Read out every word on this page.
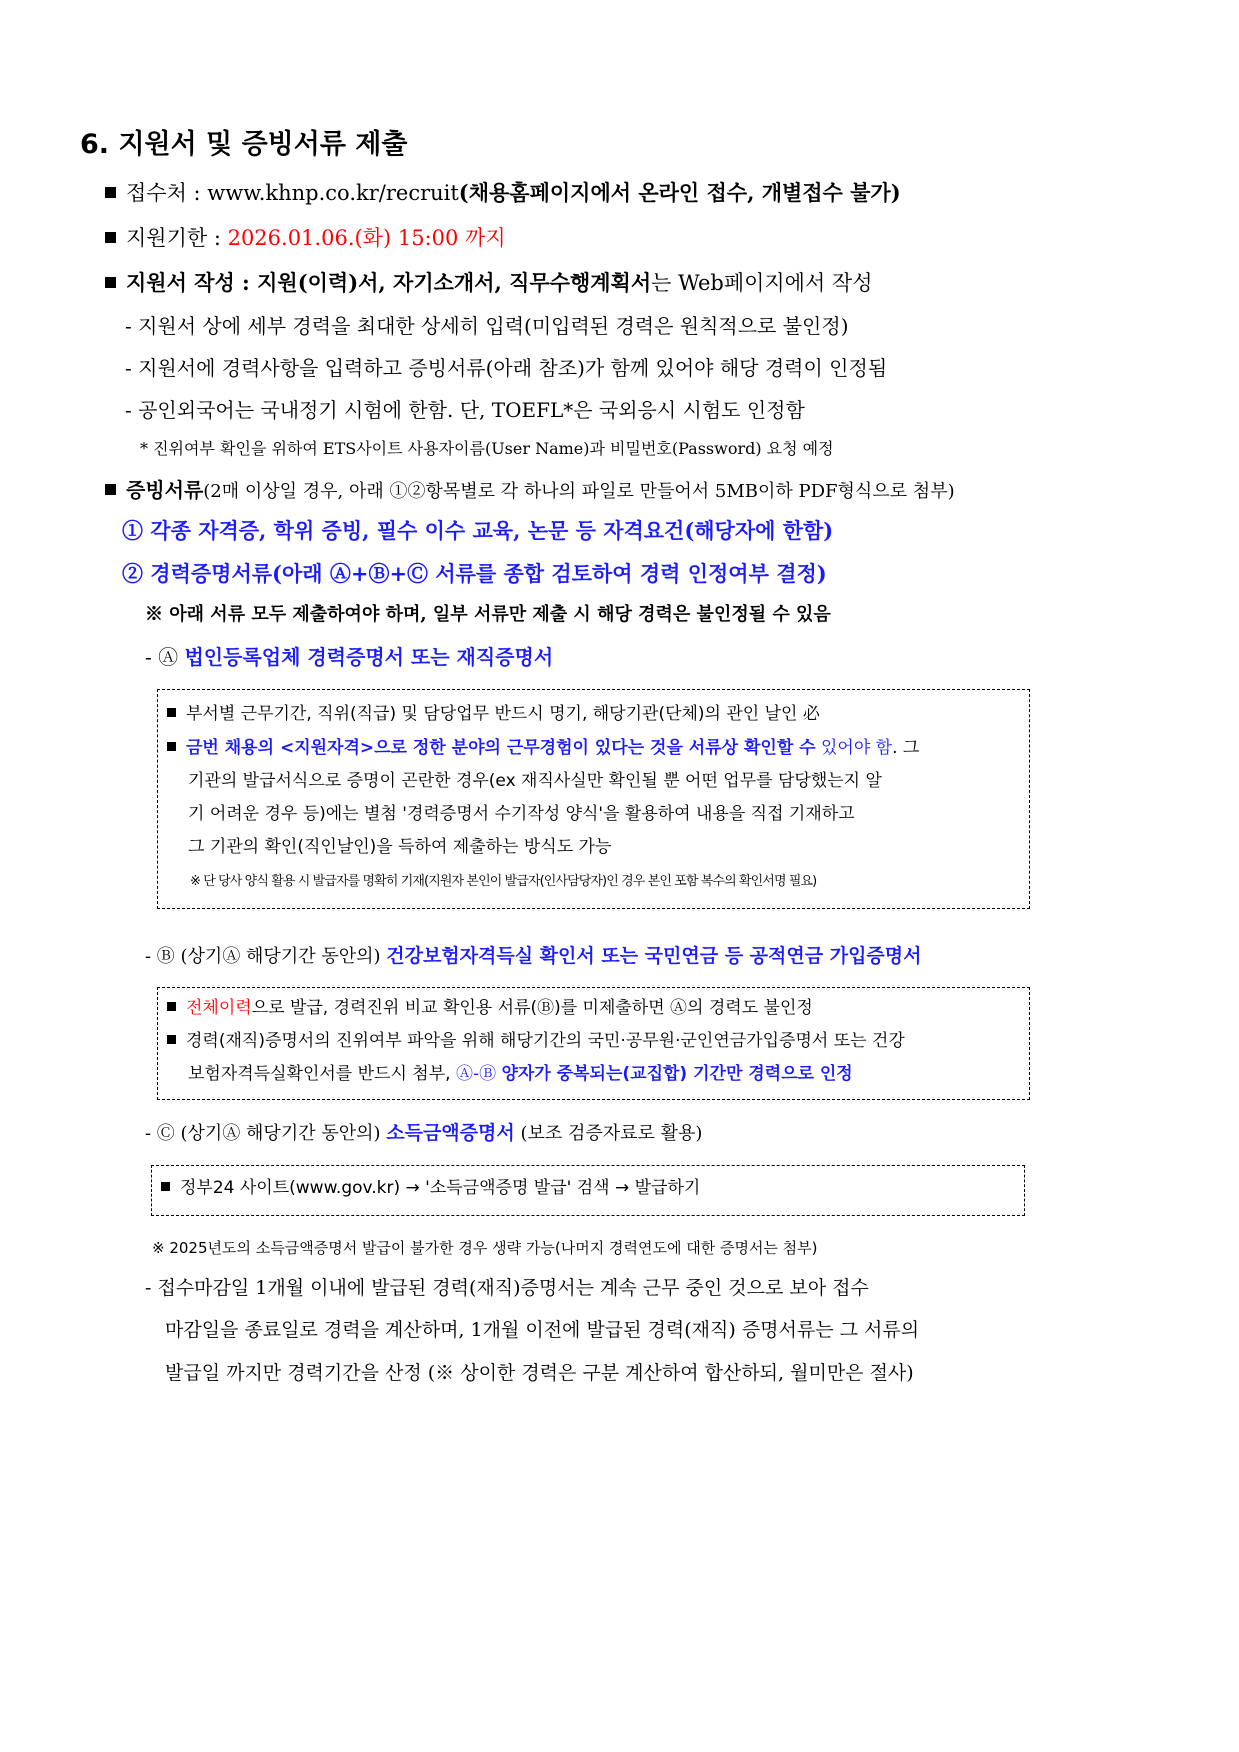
6. 지원서 및 증빙서류 제출
접수처 : www.khnp.co.kr/recruit(채용홈페이지에서 온라인 접수, 개별접수 불가)
지원기한 : 2026.01.06.(화) 15:00 까지
지원서 작성 : 지원(이력)서, 자기소개서, 직무수행계획서는 Web페이지에서 작성
- 지원서 상에 세부 경력을 최대한 상세히 입력(미입력된 경력은 원칙적으로 불인정)
- 지원서에 경력사항을 입력하고 증빙서류(아래 참조)가 함께 있어야 해당 경력이 인정됨
- 공인외국어는 국내정기 시험에 한함. 단, TOEFL*은 국외응시 시험도 인정함
* 진위여부 확인을 위하여 ETS사이트 사용자이름(User Name)과 비밀번호(Password) 요청 예정
증빙서류(2매 이상일 경우, 아래 ①②항목별로 각 하나의 파일로 만들어서 5MB이하 PDF형식으로 첨부)
① 각종 자격증, 학위 증빙, 필수 이수 교육, 논문 등 자격요건(해당자에 한함)
② 경력증명서류(아래 Ⓐ+Ⓑ+Ⓒ 서류를 종합 검토하여 경력 인정여부 결정)
※ 아래 서류 모두 제출하여야 하며, 일부 서류만 제출 시 해당 경력은 불인정될 수 있음
- Ⓐ 법인등록업체 경력증명서 또는 재직증명서
부서별 근무기간, 직위(직급) 및 담당업무 반드시 명기, 해당기관(단체)의 관인 날인 必
금번 채용의 <지원자격>으로 정한 분야의 근무경험이 있다는 것을 서류상 확인할 수 있어야 함. 그
기관의 발급서식으로 증명이 곤란한 경우(ex 재직사실만 확인될 뿐 어떤 업무를 담당했는지 알
기 어려운 경우 등)에는 별첨 '경력증명서 수기작성 양식'을 활용하여 내용을 직접 기재하고
그 기관의 확인(직인날인)을 득하여 제출하는 방식도 가능
※ 단 당사 양식 활용 시 발급자를 명확히 기재(지원자 본인이 발급자(인사담당자)인 경우 본인 포함 복수의 확인서명 필요)
- Ⓑ (상기Ⓐ 해당기간 동안의) 건강보험자격득실 확인서 또는 국민연금 등 공적연금 가입증명서
전체이력으로 발급, 경력진위 비교 확인용 서류(Ⓑ)를 미제출하면 Ⓐ의 경력도 불인정
경력(재직)증명서의 진위여부 파악을 위해 해당기간의 국민·공무원·군인연금가입증명서 또는 건강
보험자격득실확인서를 반드시 첨부, Ⓐ-Ⓑ 양자가 중복되는(교집합) 기간만 경력으로 인정
- Ⓒ (상기Ⓐ 해당기간 동안의) 소득금액증명서 (보조 검증자료로 활용)
정부24 사이트(www.gov.kr) → '소득금액증명 발급' 검색 → 발급하기
※ 2025년도의 소득금액증명서 발급이 불가한 경우 생략 가능(나머지 경력연도에 대한 증명서는 첨부)
- 접수마감일 1개월 이내에 발급된 경력(재직)증명서는 계속 근무 중인 것으로 보아 접수
마감일을 종료일로 경력을 계산하며, 1개월 이전에 발급된 경력(재직) 증명서류는 그 서류의
발급일 까지만 경력기간을 산정 (※ 상이한 경력은 구분 계산하여 합산하되, 월미만은 절사)
